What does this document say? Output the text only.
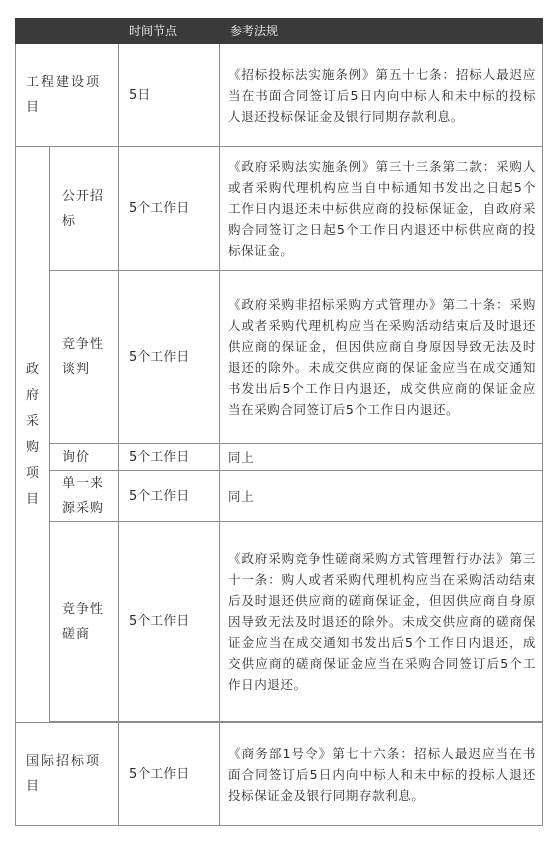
		时间节点	参考法规

工程建设项目		5日	《招标投标法实施条例》第五十七条：招标人最迟应当在书面合同签订后5日内向中标人和未中标的投标人退还投标保证金及银行同期存款利息。

政府采购项目	公开招标	5个工作日	《政府采购法实施条例》第三十三条第二款：采购人或者采购代理机构应当自中标通知书发出之日起5个工作日内退还未中标供应商的投标保证金，自政府采购合同签订之日起5个工作日内退还中标供应商的投标保证金。

	竞争性谈判	5个工作日	《政府采购非招标采购方式管理办》第二十条：采购人或者采购代理机构应当在采购活动结束后及时退还供应商的保证金，但因供应商自身原因导致无法及时退还的除外。未成交供应商的保证金应当在成交通知书发出后5个工作日内退还，成交供应商的保证金应当在采购合同签订后5个工作日内退还。

	询价	5个工作日	同上

	单一来源采购	5个工作日	同上

	竞争性磋商	5个工作日	《政府采购竞争性磋商采购方式管理暂行办法》第三十一条：购人或者采购代理机构应当在采购活动结束后及时退还供应商的磋商保证金，但因供应商自身原因导致无法及时退还的除外。未成交供应商的磋商保证金应当在成交通知书发出后5个工作日内退还，成交供应商的磋商保证金应当在采购合同签订后5个工作日内退还。

国际招标项目		5个工作日	《商务部1号令》第七十六条：招标人最迟应当在书面合同签订后5日内向中标人和未中标的投标人退还投标保证金及银行同期存款利息。
